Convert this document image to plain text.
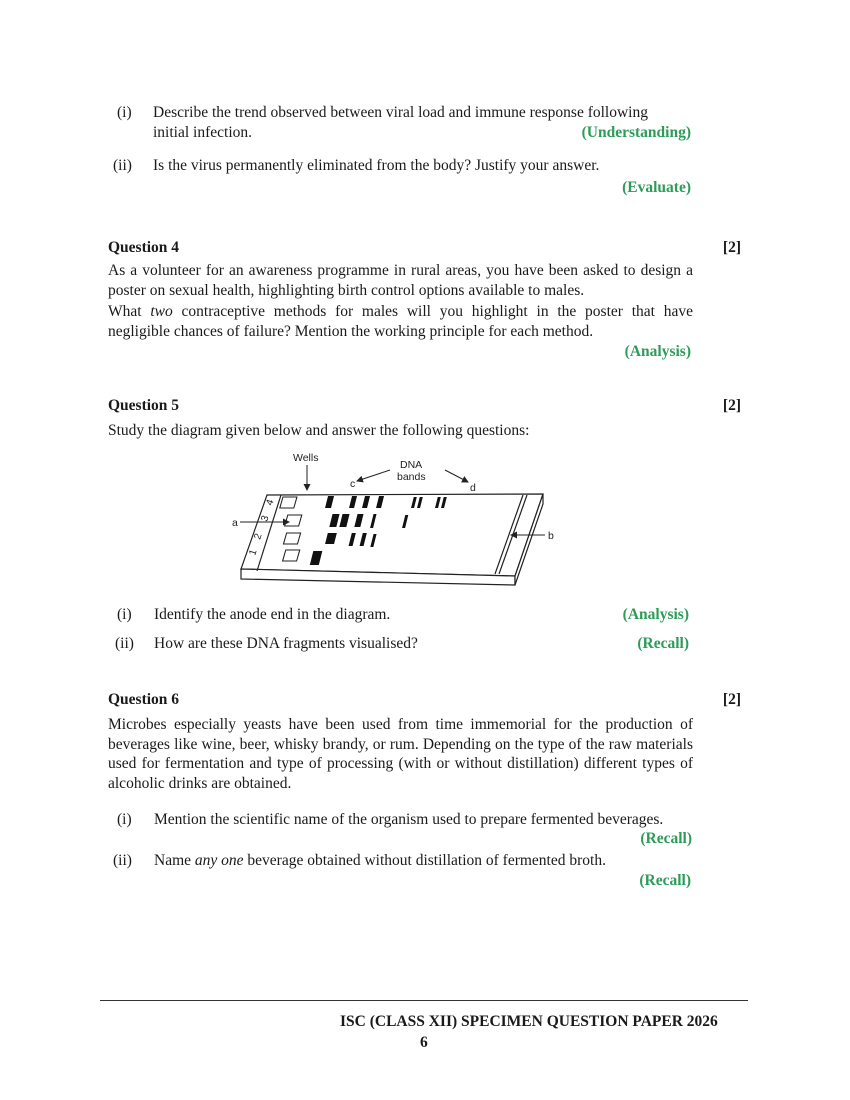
(i)	Describe the trend observed between viral load and immune response following
initial infection.	(Understanding)
(ii)	Is the virus permanently eliminated from the body? Justify your answer.
(Evaluate)
Question 4	[2]
As a volunteer for an awareness programme in rural areas, you have been asked to design a poster on sexual health, highlighting birth control options available to males.
What two contraceptive methods for males will you highlight in the poster that have negligible chances of failure? Mention the working principle for each method.
(Analysis)
Question 5	[2]
Study the diagram given below and answer the following questions:
1
2
3
4
Wells
DNA
bands
c	d
a
b
(i)	Identify the anode end in the diagram.	(Analysis)
(ii)	How are these DNA fragments visualised?	(Recall)
Question 6	[2]
Microbes especially yeasts have been used from time immemorial for the production of beverages like wine, beer, whisky brandy, or rum. Depending on the type of the raw materials used for fermentation and type of processing (with or without distillation) different types of alcoholic drinks are obtained.
(i)	Mention the scientific name of the organism used to prepare fermented beverages.
(Recall)
(ii)	Name any one beverage obtained without distillation of fermented broth.
(Recall)
ISC (CLASS XII) SPECIMEN QUESTION PAPER 2026
6
